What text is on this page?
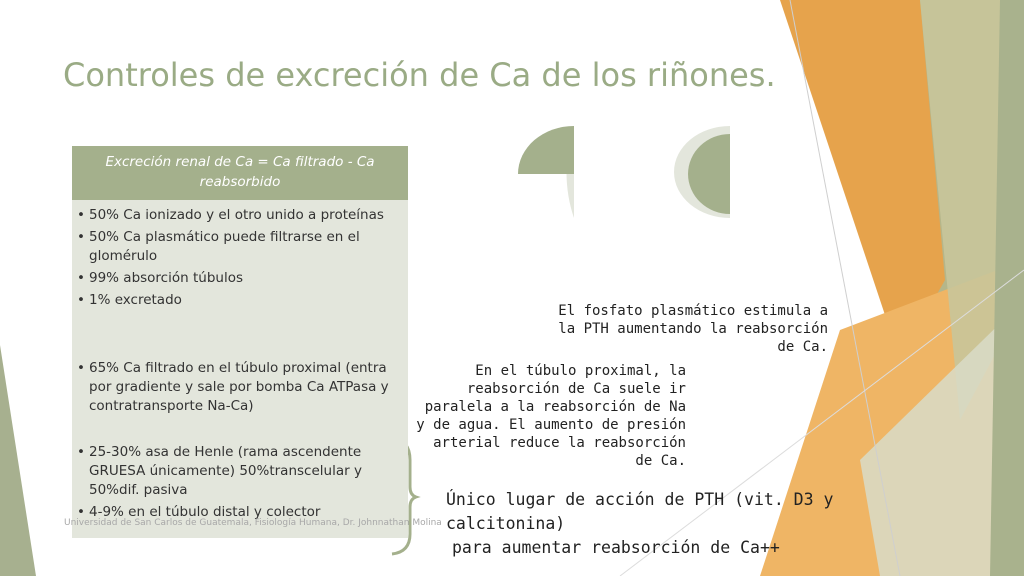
Controles de excreción de Ca de los riñones.
Excreción renal de Ca = Ca filtrado - Ca reabsorbido
• 50% Ca ionizado y el otro unido a proteínas
• 50% Ca plasmático puede filtrarse en el glomérulo
• 99% absorción túbulos
• 1% excretado
• 65% Ca filtrado en el túbulo proximal (entra por gradiente y sale por bomba Ca ATPasa y contratransporte Na-Ca)
• 25-30% asa de Henle (rama ascendente GRUESA únicamente) 50%transcelular y 50%dif. pasiva
• 4-9% en el túbulo distal y colector
El fosfato plasmático estimula a la PTH aumentando la reabsorción de Ca.
En el túbulo proximal, la reabsorción de Ca suele ir paralela a la reabsorción de Na y de agua. El aumento de presión arterial reduce la reabsorción de Ca.
Único lugar de acción de PTH (vit. D3 y calcitonina)
para aumentar reabsorción de Ca++
Universidad de San Carlos de Guatemala, Fisiología Humana, Dr. Johnnathan Molina
